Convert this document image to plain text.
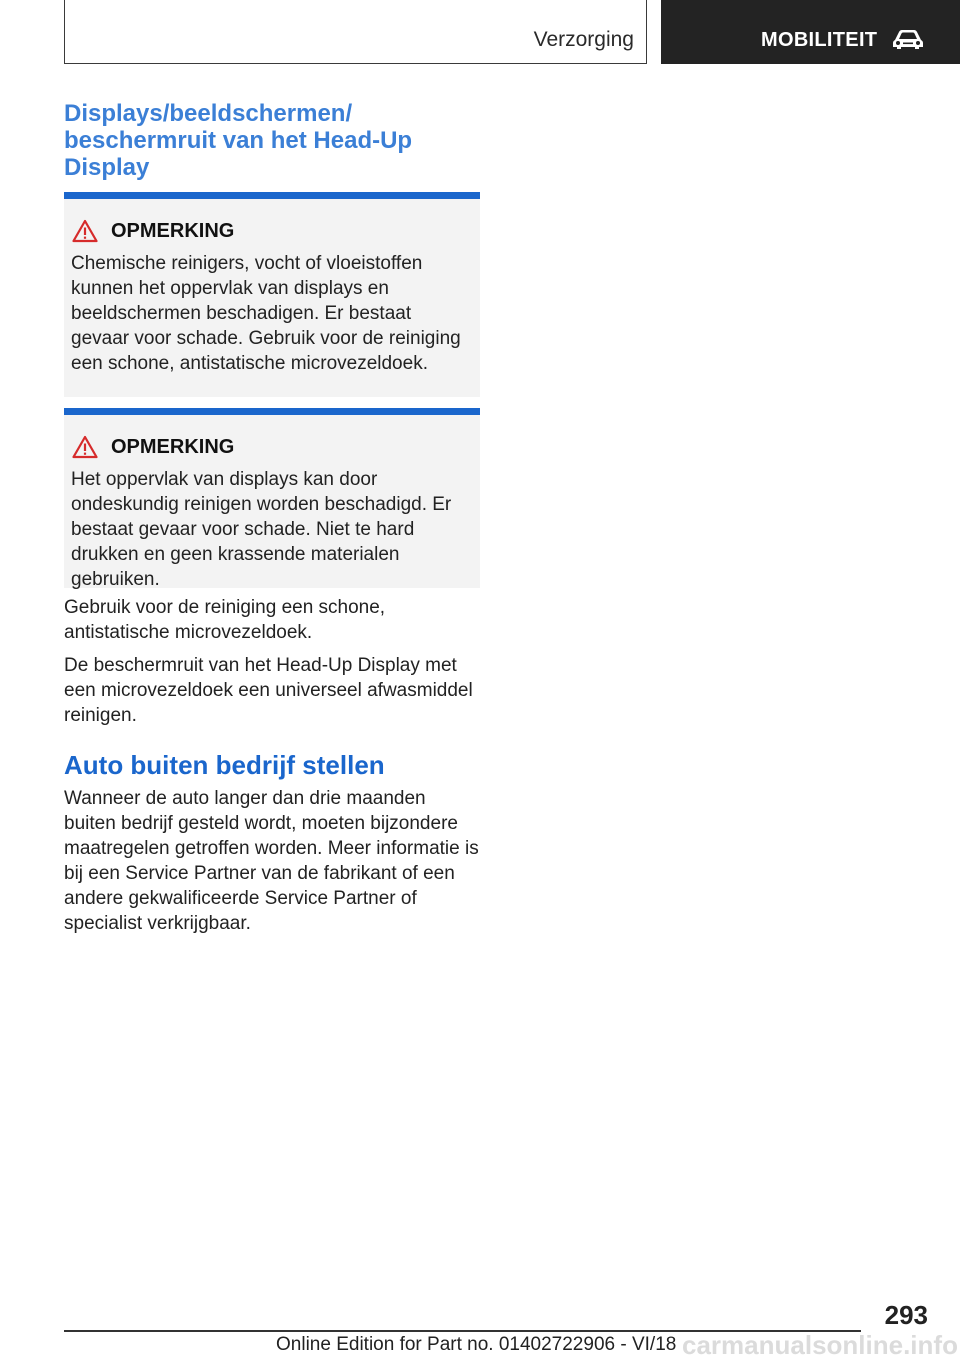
Verzorging	MOBILITEIT
Displays/beeldschermen/ beschermruit van het Head-Up Display
OPMERKING

Chemische reinigers, vocht of vloeistoffen kunnen het oppervlak van displays en beeldschermen beschadigen. Er bestaat gevaar voor schade. Gebruik voor de reiniging een schone, antistatische microvezeldoek.

OPMERKING

Het oppervlak van displays kan door ondeskundig reinigen worden beschadigd. Er bestaat gevaar voor schade. Niet te hard drukken en geen krassende materialen gebruiken.

Gebruik voor de reiniging een schone, antistatische microvezeldoek.

De beschermruit van het Head-Up Display met een microvezeldoek een universeel afwasmiddel reinigen.

Auto buiten bedrijf stellen

Wanneer de auto langer dan drie maanden buiten bedrijf gesteld wordt, moeten bijzondere maatregelen getroffen worden. Meer informatie is bij een Service Partner van de fabrikant of een andere gekwalificeerde Service Partner of specialist verkrijgbaar.

293
Online Edition for Part no. 01402722906 - VI/18 carmanualsonline.info
